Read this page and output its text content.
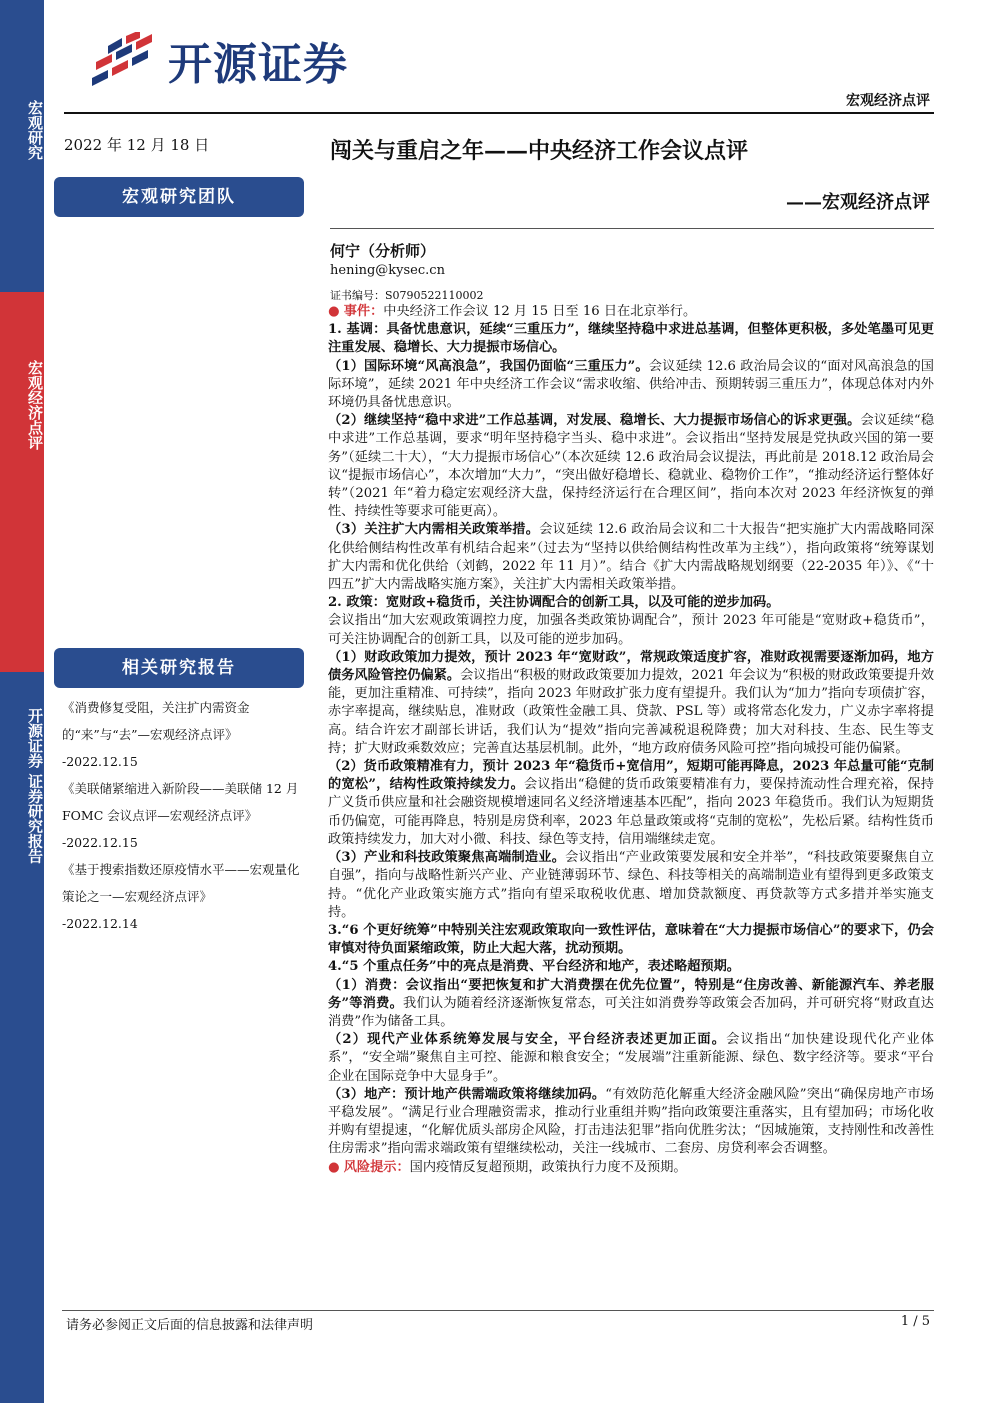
宏观研究
宏观经济点评
开源证券 证券研究报告
开源证券
宏观经济点评
2022 年 12 月 18 日	闯关与重启之年——中央经济工作会议点评
——宏观经济点评
宏观研究团队
何宁（分析师）
hening@kysec.cn
证书编号：S0790522110002
相关研究报告
《消费修复受阻，关注扩内需资金的“来”与“去”—宏观经济点评》
-2022.12.15
《美联储紧缩进入新阶段——美联储 12 月 FOMC 会议点评—宏观经济点评》
-2022.12.15
《基于搜索指数还原疫情水平——宏观量化策论之一—宏观经济点评》
-2022.12.14

● 事件：中央经济工作会议 12 月 15 日至 16 日在北京举行。

1. 基调：具备忧患意识，延续“三重压力”，继续坚持稳中求进总基调，但整体更积极，多处笔墨可见更注重发展、稳增长、大力提振市场信心。

（1）国际环境“风高浪急”，我国仍面临“三重压力”。会议延续 12.6 政治局会议的“面对风高浪急的国际环境”，延续 2021 年中央经济工作会议“需求收缩、供给冲击、预期转弱三重压力”，体现总体对内外环境仍具备忧患意识。

（2）继续坚持“稳中求进”工作总基调，对发展、稳增长、大力提振市场信心的诉求更强。会议延续“稳中求进”工作总基调，要求“明年坚持稳字当头、稳中求进”。会议指出“坚持发展是党执政兴国的第一要务”（延续二十大），“大力提振市场信心”（本次延续 12.6 政治局会议提法，再此前是 2018.12 政治局会议“提振市场信心”，本次增加“大力”，“突出做好稳增长、稳就业、稳物价工作”，“推动经济运行整体好转”（2021 年“着力稳定宏观经济大盘，保持经济运行在合理区间”，指向本次对 2023 年经济恢复的弹性、持续性等要求可能更高）。

（3）关注扩大内需相关政策举措。会议延续 12.6 政治局会议和二十大报告“把实施扩大内需战略同深化供给侧结构性改革有机结合起来”（过去为“坚持以供给侧结构性改革为主线”），指向政策将“统筹谋划扩大内需和优化供给（刘鹤，2022 年 11 月）”。结合《扩大内需战略规划纲要（22-2035 年）》、《“十四五”扩大内需战略实施方案》，关注扩大内需相关政策举措。

2. 政策：宽财政+稳货币，关注协调配合的创新工具，以及可能的逆步加码。

会议指出“加大宏观政策调控力度，加强各类政策协调配合”，预计 2023 年可能是“宽财政+稳货币”，可关注协调配合的创新工具，以及可能的逆步加码。

（1）财政政策加力提效，预计 2023 年“宽财政”，常规政策适度扩容，准财政视需要逐渐加码，地方债务风险管控仍偏紧。会议指出“积极的财政政策要加力提效，2021 年会议为“积极的财政政策要提升效能，更加注重精准、可持续”，指向 2023 年财政扩张力度有望提升。我们认为“加力”指向专项债扩容，赤字率提高，继续贴息，准财政（政策性金融工具、贷款、PSL 等）或将常态化发力，广义赤字率将提高。结合许宏才副部长讲话，我们认为“提效”指向完善减税退税降费；加大对科技、生态、民生等支持；扩大财政乘数效应；完善直达基层机制。此外，“地方政府债务风险可控”指向城投可能仍偏紧。

（2）货币政策精准有力，预计 2023 年“稳货币+宽信用”，短期可能再降息，2023 年总量可能“克制的宽松”，结构性政策持续发力。会议指出“稳健的货币政策要精准有力，要保持流动性合理充裕，保持广义货币供应量和社会融资规模增速同名义经济增速基本匹配”，指向 2023 年稳货币。我们认为短期货币仍偏宽，可能再降息，特别是房贷利率，2023 年总量政策或将“克制的宽松”，先松后紧。结构性货币政策持续发力，加大对小微、科技、绿色等支持，信用端继续走宽。

（3）产业和科技政策聚焦高端制造业。会议指出“产业政策要发展和安全并举”，“科技政策要聚焦自立自强”，指向与战略性新兴产业、产业链薄弱环节、绿色、科技等相关的高端制造业有望得到更多政策支持。“优化产业政策实施方式”指向有望采取税收优惠、增加贷款额度、再贷款等方式多措并举实施支持。

3.“6 个更好统筹”中特别关注宏观政策取向一致性评估，意味着在“大力提振市场信心”的要求下，仍会审慎对待负面紧缩政策，防止大起大落，扰动预期。

4.“5 个重点任务”中的亮点是消费、平台经济和地产，表述略超预期。

（1）消费：会议指出“要把恢复和扩大消费摆在优先位置”，特别是“住房改善、新能源汽车、养老服务”等消费。我们认为随着经济逐渐恢复常态，可关注如消费券等政策会否加码，并可研究将“财政直达消费”作为储备工具。

（2）现代产业体系统筹发展与安全，平台经济表述更加正面。会议指出“加快建设现代化产业体系”，“安全端”聚焦自主可控、能源和粮食安全；“发展端”注重新能源、绿色、数字经济等。要求“平台企业在国际竞争中大显身手”。

（3）地产：预计地产供需端政策将继续加码。“有效防范化解重大经济金融风险”突出“确保房地产市场平稳发展”。“满足行业合理融资需求，推动行业重组并购”指向政策要注重落实，且有望加码；市场化收并购有望提速，“化解优质头部房企风险，打击违法犯罪”指向优胜劣汰；“因城施策，支持刚性和改善性住房需求”指向需求端政策有望继续松动，关注一线城市、二套房、房贷利率会否调整。

● 风险提示：国内疫情反复超预期，政策执行力度不及预期。

请务必参阅正文后面的信息披露和法律声明	1 / 5
